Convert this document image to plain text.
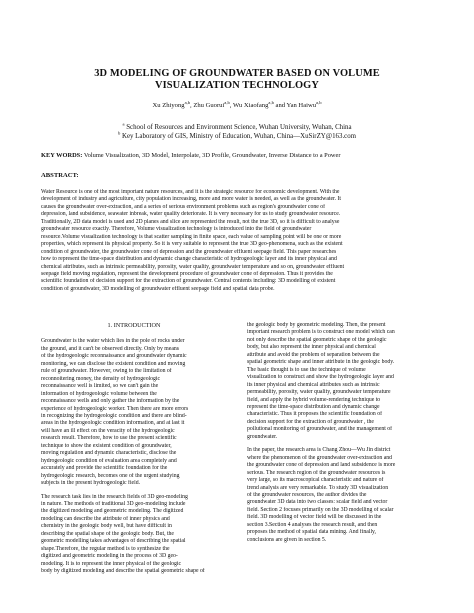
3D MODELING OF GROUNDWATER BASED ON VOLUME
VISUALIZATION TECHNOLOGY
Xu Zhiyong$^{a,b}$, Zhu Guorui$^{a,b}$, Wu Xiaofang$^{a,b}$ and Yan Haiwu$^{a,b}$
$^a$ School of Resources and Environment Science, Wuhan University, Wuhan, China
$^b$ Key Laboratory of GIS, Ministry of Education, Wuhan, China—XuSirZY@163.com
KEY WORDS: Volume Visualization, 3D Model, Interpolate, 3D Profile, Groundwater, Inverse Distance to a Power
ABSTRACT:
Water Resource is one of the most important nature resources, and it is the strategic resource for economic development. With the
development of industry and agriculture, city population increasing, more and more water is needed, as well as the groundwater. It
causes the groundwater over-extraction, and a series of serious environment problems such as region's groundwater cone of
depression, land subsidence, seawater inbreak, water quality deteriorate. It is very necessary for us to study groundwater resource.
Traditionally, 2D data model is used and 2D planes and slice are represented the result, not the true 3D, so it is difficult to analyse
groundwater resource exactly. Therefore, Volume visualization technology is introduced into the field of groundwater
resource.Volume visualization technology is that scatter sampling in finite space, each value of sampling point will be one or more
properties, which represent its physical property. So it is very suitable to represent the true 3D geo-phenomena, such as the existent
condition of groundwater, the groundwater cone of depression and the groundwater effluent seepage field. This paper researches
how to represent the time-space distribution and dynamic change characteristic of hydrogeologic layer and its inner physical and
chemical attributes, such as intrinsic permeability, porosity, water quality, groundwater temperature and so on, groundwater effluent
seepage field moving regulation, represent the development procedure of groundwater cone of depression. Thus it provides the
scientific foundation of decision support for the extraction of groundwater. Central contents including: 3D modelling of existent
condition of groundwater, 3D modelling of groundwater effluent seepage field and spatial data probe.
1. INTRODUCTION
Groundwater is the water which lies in the pole of rocks under
the ground, and it can't be observed directly. Only by means
of the hydrogeologic reconnaissance and groundwater dynamic
monitoring, we can disclose the existent condition and moving
rule of groundwater. However, owing to the limitation of
reconnoitering money, the density of hydrogeologic
reconnaissance well is limited, so we can't gain the
information of hydrogeologic volume between the
reconnaissance wells and only gather the information by the
experience of hydrogeologic worker. Then there are more errors
in recognizing the hydrogeologic condition and there are blind-
areas in the hydrogeologic condition information, and at last it
will have an ill effect on the veracity of the hydrogeologic
research result. Therefore, how to use the present scientific
technique to show the existent condition of groundwater,
moving regulation and dynamic characteristic, disclose the
hydrogeologic condition of evaluation area completely and
accurately and provide the scientific foundation for the
hydrogeologic research, becomes one of the urgent studying
subjects in the present hydrogeologic field.
The research task lies in the research fields of 3D geo-modeling
in nature. The methods of traditional 3D geo-modeling include
the digitized modeling and geometric modeling. The digitized
modeling can describe the attribute of inner physics and
chemistry in the geologic body well, but have difficult in
describing the spatial shape of the geologic body. But, the
geometric modelling takes advantages of describing the spatial
shape.Therefore, the regular method is to synthesize the
digitized and geometric modeling in the process of 3D geo-
modeling. It is to represent the inner physical of the geologic
body by digitized modeling and describe the spatial geometric shape of
the geologic body by geometric modeling. Then, the present
important research problem is to construct one model which can
not only describe the spatial geometric shape of the geologic
body, but also represent the inner physical and chemical
attribute and avoid the problem of separation between the
spatial geometric shape and inner attribute in the geologic body.
The basic thought is to use the technique of volume
visualization to construct and show the hydrogeologic layer and
its inner physical and chemical attributes such as intrinsic
permeability, porosity, water quality, groundwater temperature
field, and apply the hybrid volume-rendering technique to
represent the time-space distribution and dynamic change
characteristic. Thus it proposes the scientific foundation of
decision support for the extraction of groundwater , the
pollutional monitoring of groundwater, and the management of
groundwater.
In the paper, the research area is Chang Zhou—Wu Jin district
where the phenomenon of the groundwater over-extraction and
the groundwater cone of depression and land subsidence is more
serious. The research region of the groundwater resources is
very large, so its macroscopical characteristic and nature of
trend analysis are very remarkable. To study 3D visualization
of the groundwater resources, the author divides the
groundwater 3D data into two classes: scalar field and vector
field. Section 2 focuses primarily on the 3D modelling of scalar
field. 3D modelling of vector field will be discussed in the
section 3.Section 4 analyses the research result, and then
proposes the method of spatial data mining. And finally,
conclusions are given in section 5.
